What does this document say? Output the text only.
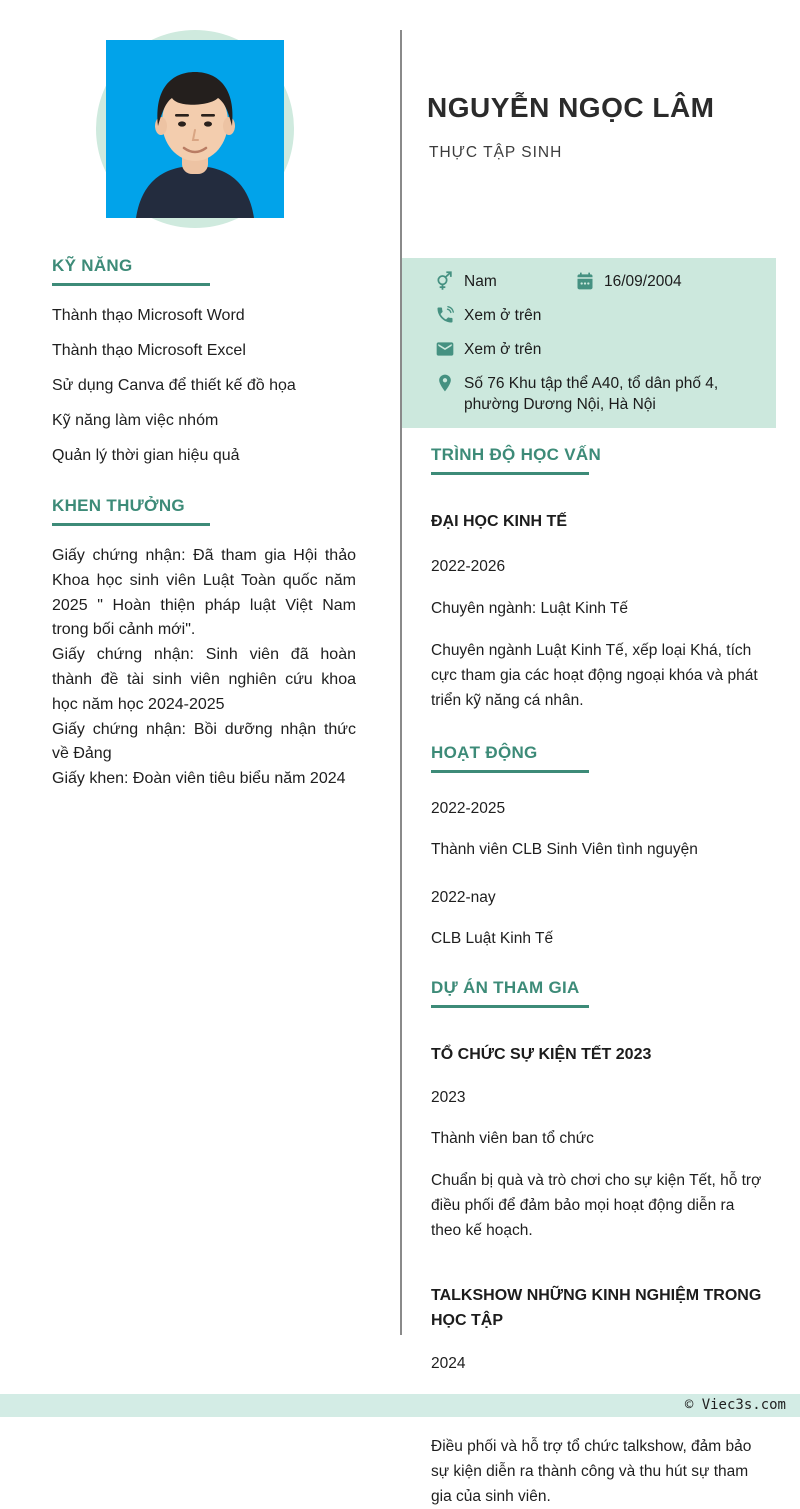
NGUYỄN NGỌC LÂM
THỰC TẬP SINH
Nam	16/09/2004
Xem ở trên
Xem ở trên
Số 76 Khu tập thể A40, tổ dân phố 4, phường Dương Nội, Hà Nội
KỸ NĂNG
Thành thạo Microsoft Word
Thành thạo Microsoft Excel
Sử dụng Canva để thiết kế đồ họa
Kỹ năng làm việc nhóm
Quản lý thời gian hiệu quả
KHEN THƯỞNG

Giấy chứng nhận: Đã tham gia Hội thảo Khoa học sinh viên Luật Toàn quốc năm 2025 " Hoàn thiện pháp luật Việt Nam trong bối cảnh mới".

Giấy chứng nhận: Sinh viên đã hoàn thành đề tài sinh viên nghiên cứu khoa học năm học 2024-2025

Giấy chứng nhận: Bồi dưỡng nhận thức về Đảng

Giấy khen: Đoàn viên tiêu biểu năm 2024

TRÌNH ĐỘ HỌC VẤN
ĐẠI HỌC KINH TẾ
2022-2026
Chuyên ngành: Luật Kinh Tế
Chuyên ngành Luật Kinh Tế, xếp loại Khá, tích cực tham gia các hoạt động ngoại khóa và phát triển kỹ năng cá nhân.
HOẠT ĐỘNG
2022-2025
Thành viên CLB Sinh Viên tình nguyện
2022-nay
CLB Luật Kinh Tế
DỰ ÁN THAM GIA
TỔ CHỨC SỰ KIỆN TẾT 2023
2023
Thành viên ban tổ chức
Chuẩn bị quà và trò chơi cho sự kiện Tết, hỗ trợ điều phối để đảm bảo mọi hoạt động diễn ra theo kế hoạch.
TALKSHOW NHỮNG KINH NGHIỆM TRONG HỌC TẬP
2024
Điều phối và hỗ trợ tổ chức talkshow, đảm bảo sự kiện diễn ra thành công và thu hút sự tham gia của sinh viên.
© Viec3s.com
